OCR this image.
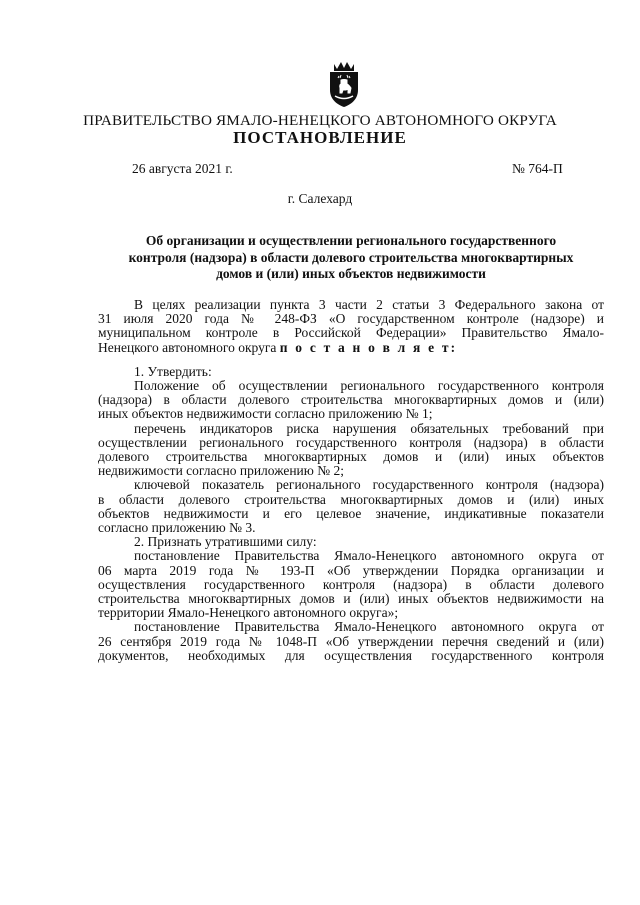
ПРАВИТЕЛЬСТВО ЯМАЛО-НЕНЕЦКОГО АВТОНОМНОГО ОКРУГА
ПОСТАНОВЛЕНИЕ
26 августа 2021 г.	№ 764-П
г. Салехард
Об организации и осуществлении регионального государственного
контроля (надзора) в области долевого строительства многоквартирных
домов и (или) иных объектов недвижимости

В целях реализации пункта 3 части 2 статьи 3 Федерального закона от
31 июля 2020 года № 248-ФЗ «О государственном контроле (надзоре) и
муниципальном контроле в Российской Федерации» Правительство Ямало-
Ненецкого автономного округа п о с т а н о в л я е т:

1. Утвердить:

Положение об осуществлении регионального государственного контроля
(надзора) в области долевого строительства многоквартирных домов и (или)
иных объектов недвижимости согласно приложению № 1;

перечень индикаторов риска нарушения обязательных требований при
осуществлении регионального государственного контроля (надзора) в области
долевого строительства многоквартирных домов и (или) иных объектов
недвижимости согласно приложению № 2;

ключевой показатель регионального государственного контроля (надзора)
в области долевого строительства многоквартирных домов и (или) иных
объектов недвижимости и его целевое значение, индикативные показатели
согласно приложению № 3.

2. Признать утратившими силу:

постановление Правительства Ямало-Ненецкого автономного округа от
06 марта 2019 года № 193-П «Об утверждении Порядка организации и
осуществления государственного контроля (надзора) в области долевого
строительства многоквартирных домов и (или) иных объектов недвижимости на
территории Ямало-Ненецкого автономного округа»;

постановление Правительства Ямало-Ненецкого автономного округа от
26 сентября 2019 года № 1048-П «Об утверждении перечня сведений и (или)
документов, необходимых для осуществления государственного контроля
